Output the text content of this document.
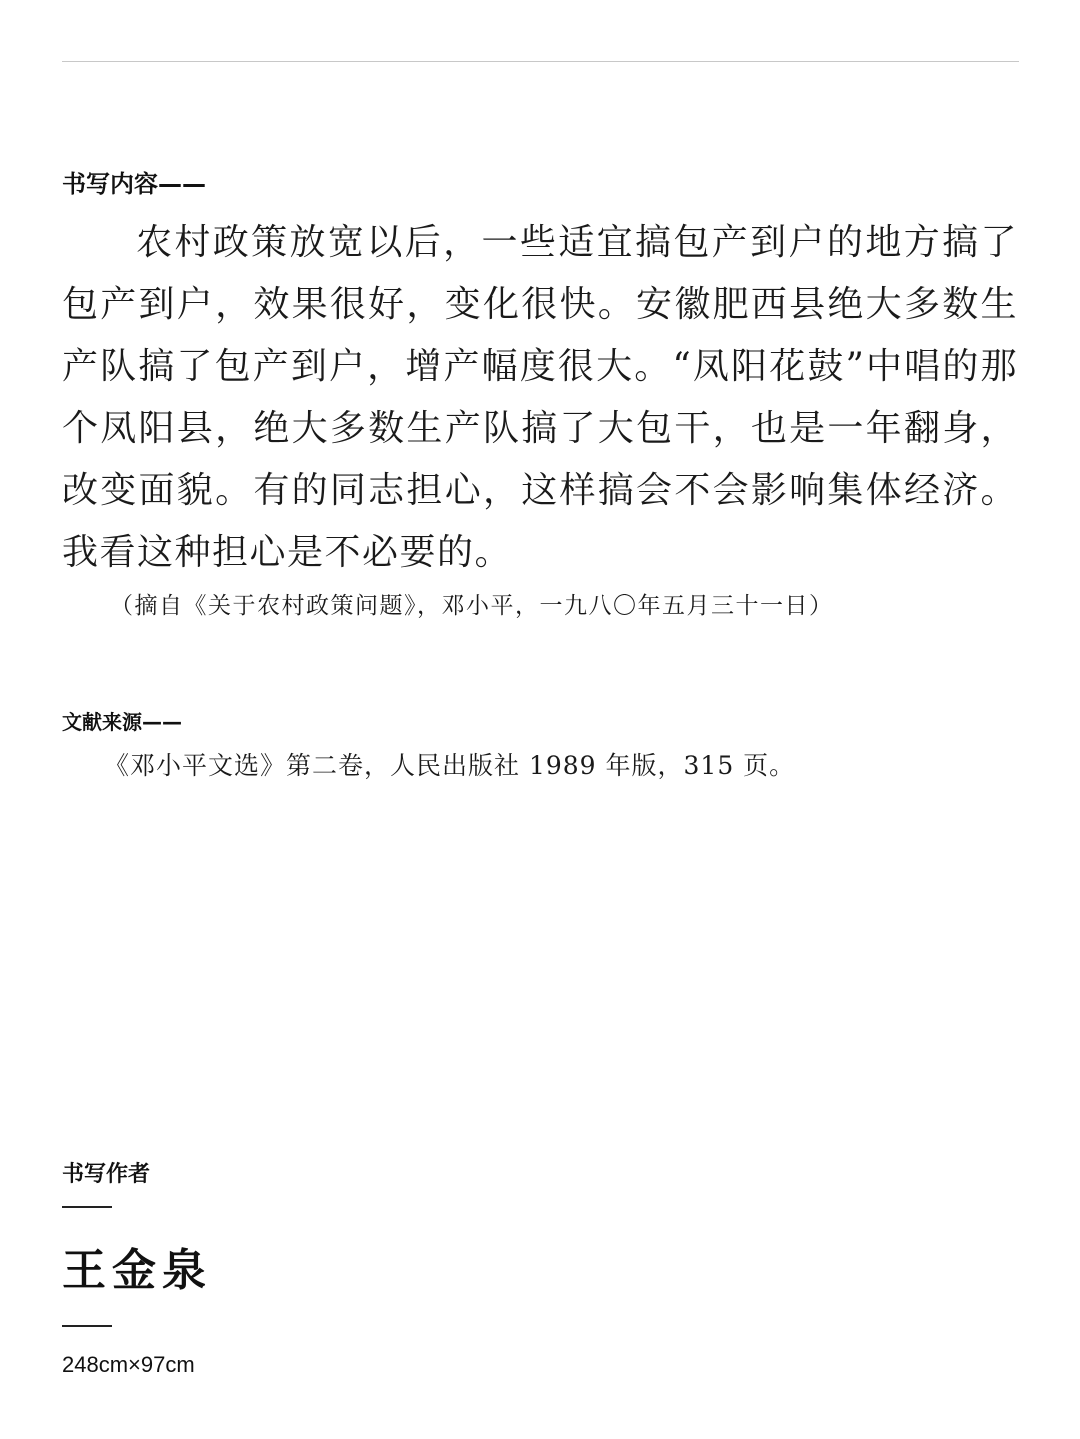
书写内容——
农村政策放宽以后，一些适宜搞包产到户的地方搞了包产到户，效果很好，变化很快。安徽肥西县绝大多数生产队搞了包产到户，增产幅度很大。“凤阳花鼓”中唱的那个凤阳县，绝大多数生产队搞了大包干，也是一年翻身，改变面貌。有的同志担心，这样搞会不会影响集体经济。我看这种担心是不必要的。
（摘自《关于农村政策问题》，邓小平，一九八〇年五月三十一日）
文献来源——
《邓小平文选》第二卷，人民出版社 1989 年版，315 页。
书写作者
王金泉
248cm×97cm
